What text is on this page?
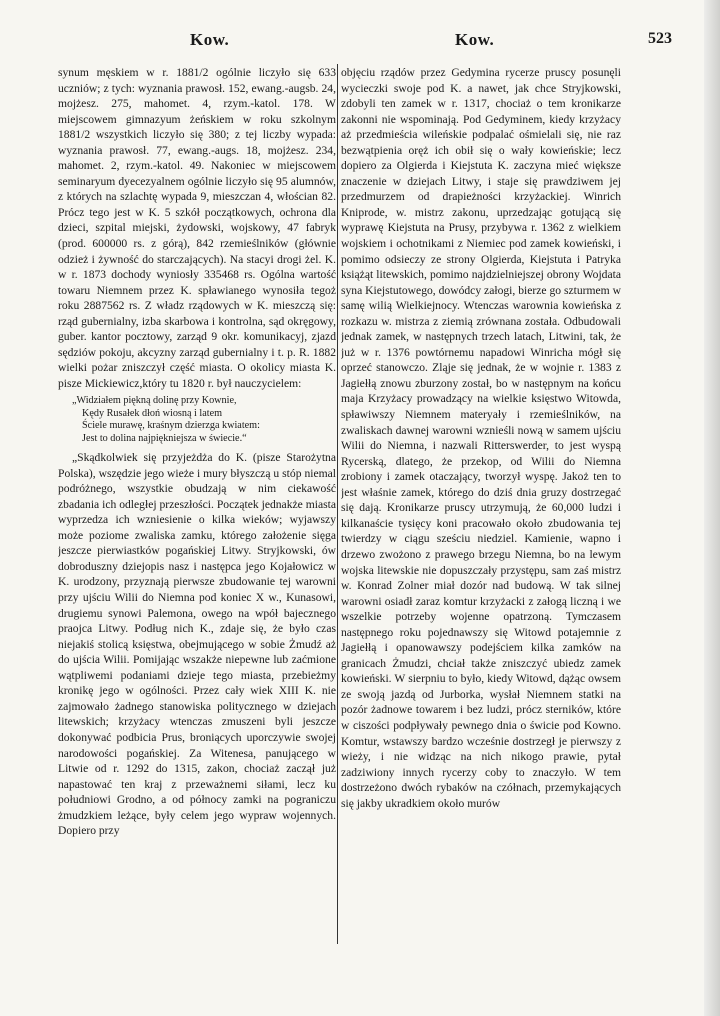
Kow.	Kow.	523

synum męskiem w r. 1881/2 ogólnie liczyło się 633 uczniów; z tych: wyznania prawosł. 152, ewang.-augsb. 24, mojżesz. 275, mahomet. 4, rzym.-katol. 178. W miejscowem gimnazyum żeńskiem w roku szkolnym 1881/2 wszystkich liczyło się 380; z tej liczby wypada: wyznania prawosł. 77, ewang.-augs. 18, mojżesz. 234, mahomet. 2, rzym.-katol. 49. Nakoniec w miejscowem seminaryum dyecezyalnem ogólnie liczyło się 95 alumnów, z których na szlachtę wypada 9, mieszczan 4, włościan 82. Prócz tego jest w K. 5 szkół początkowych, ochrona dla dzieci, szpital miejski, żydowski, wojskowy, 47 fabryk (prod. 600000 rs. z górą), 842 rzemieślników (głównie odzież i żywność do starczających). Na stacyi drogi żel. K. w r. 1873 dochody wyniosły 335468 rs. Ogólna wartość towaru Niemnem przez K. spławianego wynosiła tegoż roku 2887562 rs. Z władz rządowych w K. mieszczą się: rząd gubernialny, izba skarbowa i kontrolna, sąd okręgowy, guber. kantor pocztowy, zarząd 9 okr. komunikacyj, zjazd sędziów pokoju, akcyzny zarząd gubernialny i t. p. R. 1882 wielki pożar zniszczył część miasta. O okolicy miasta K. pisze Mickiewicz,który tu 1820 r. był nauczycielem:

„Widziałem piękną dolinę przy Kownie,
Kędy Rusałek dłoń wiosną i latem
Ściele murawę, kraśnym dzierzga kwiatem:
Jest to dolina najpiękniejsza w świecie.“

„Skądkolwiek się przyjeżdża do K. (pisze Starożytna Polska), wszędzie jego wieże i mury błyszczą u stóp niemal podróżnego, wszystkie obudzają w nim ciekawość zbadania ich odległej przeszłości. Początek jednakże miasta wyprzedza ich wzniesienie o kilka wieków; wyjawszy może poziome zwaliska zamku, którego założenie sięga jeszcze pierwiastków pogańskiej Litwy. Stryjkowski, ów dobroduszny dziejopis nasz i następca jego Kojałowicz w K. urodzony, przyznają pierwsze zbudowanie tej warowni przy ujściu Wilii do Niemna pod koniec X w., Kunasowi, drugiemu synowi Palemona, owego na wpół bajecznego praojca Litwy. Podług nich K., zdaje się, że było czas niejakiś stolicą księstwa, obejmującego w sobie Żmudź aż do ujścia Wilii. Pomijając wszakże niepewne lub zaćmione wątpliwemi podaniami dzieje tego miasta, przebieżmy kronikę jego w ogólności. Przez cały wiek XIII K. nie zajmowało żadnego stanowiska politycznego w dziejach litewskich; krzyżacy wtenczas zmuszeni byli jeszcze dokonywać podbicia Prus, broniących uporczywie swojej narodowości pogańskiej. Za Witenesa, panującego w Litwie od r. 1292 do 1315, zakon, chociaż zaczął już napastować ten kraj z przeważnemi siłami, lecz ku południowi Grodno, a od północy zamki na pograniczu żmudzkiem leżące, były celem jego wypraw wojennych. Dopiero przy

objęciu rządów przez Gedymina rycerze pruscy posunęli wycieczki swoje pod K. a nawet, jak chce Stryjkowski, zdobyli ten zamek w r. 1317, chociaż o tem kronikarze zakonni nie wspominają. Pod Gedyminem, kiedy krzyżacy aż przedmieścia wileńskie podpalać ośmielali się, nie raz bezwątpienia oręż ich obił się o wały kowieńskie; lecz dopiero za Olgierda i Kiejstuta K. zaczyna mieć większe znaczenie w dziejach Litwy, i staje się prawdziwem jej przedmurzem od drapieżności krzyżackiej. Winrich Kniprode, w. mistrz zakonu, uprzedzając gotującą się wyprawę Kiejstuta na Prusy, przybywa r. 1362 z wielkiem wojskiem i ochotnikami z Niemiec pod zamek kowieński, i pomimo odsieczy ze strony Olgierda, Kiejstuta i Patryka książąt litewskich, pomimo najdzielniejszej obrony Wojdata syna Kiejstutowego, dowódcy załogi, bierze go szturmem w samę wilią Wielkiejnocy. Wtenczas warownia kowieńska z rozkazu w. mistrza z ziemią zrównana została. Odbudowali jednak zamek, w następnych trzech latach, Litwini, tak, że już w r. 1376 powtórnemu napadowi Winricha mógł się oprzeć stanowczo. Zląje się jednak, że w wojnie r. 1383 z Jagiełłą znowu zburzony został, bo w następnym na końcu maja Krzyżacy prowadzący na wielkie księstwo Witowda, spławiwszy Niemnem materyały i rzemieślników, na zwaliskach dawnej warowni wznieśli nową w samem ujściu Wilii do Niemna, i nazwali Ritterswerder, to jest wyspą Rycerską, dlatego, że przekop, od Wilii do Niemna zrobiony i zamek otaczający, tworzył wyspę. Jakoż ten to jest właśnie zamek, którego do dziś dnia gruzy dostrzegać się dają. Kronikarze pruscy utrzymują, że 60,000 ludzi i kilkanaście tysięcy koni pracowało około zbudowania tej twierdzy w ciągu sześciu niedziel. Kamienie, wapno i drzewo zwożono z prawego brzegu Niemna, bo na lewym wojska litewskie nie dopuszczały przystępu, sam zaś mistrz w. Konrad Zolner miał dozór nad budową. W tak silnej warowni osiadł zaraz komtur krzyżacki z załogą liczną i we wszelkie potrzeby wojenne opatrzoną. Tymczasem następnego roku pojednawszy się Witowd potajemnie z Jagiełłą i opanowawszy podejściem kilka zamków na granicach Żmudzi, chciał także zniszczyć ubiedz zamek kowieński. W sierpniu to było, kiedy Witowd, dążąc owsem ze swoją jazdą od Jurborka, wysłał Niemnem statki na pozór żadnowe towarem i bez ludzi, prócz sterników, które w ciszości podpływały pewnego dnia o świcie pod Kowno. Komtur, wstawszy bardzo wcześnie dostrzegł je pierwszy z wieży, i nie widząc na nich nikogo prawie, pytał zadziwiony innych rycerzy coby to znaczyło. W tem dostrzeżono dwóch rybaków na czółnach, przemykających się jakby ukradkiem około murów
